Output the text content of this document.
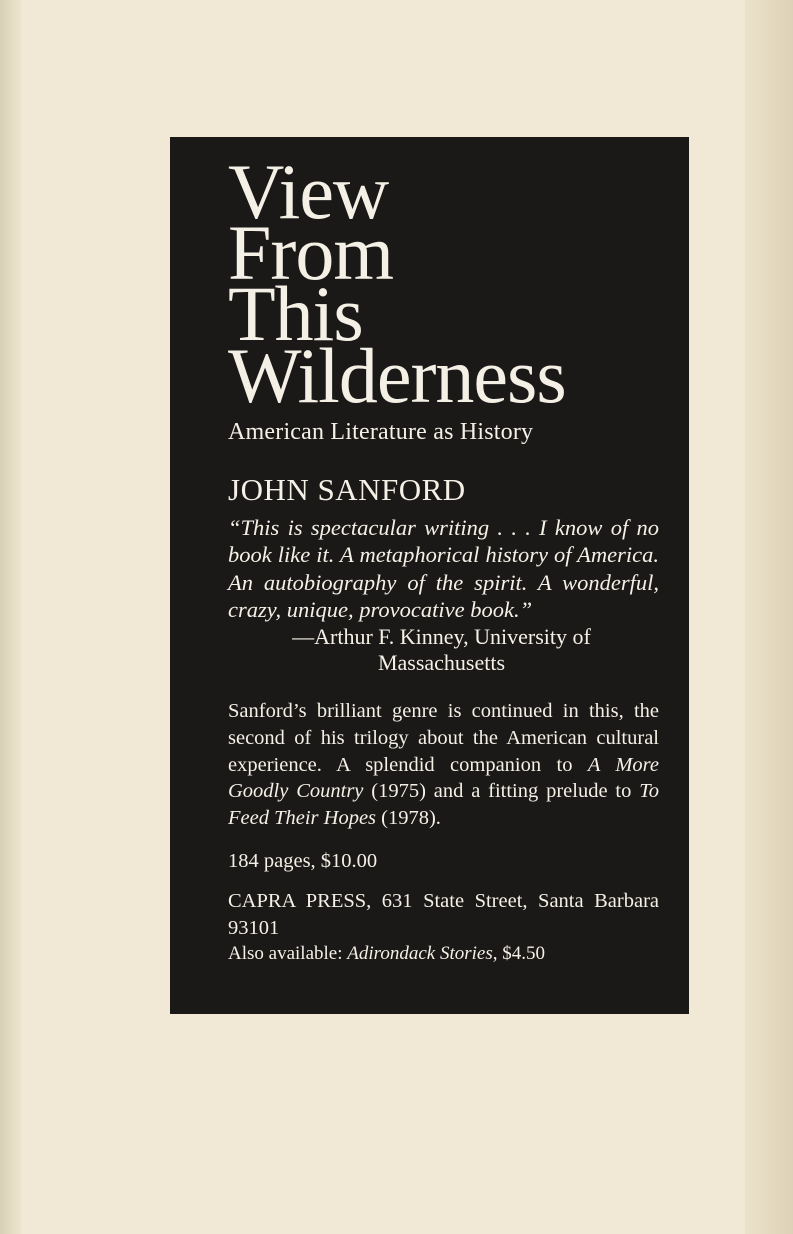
View
From
This
Wilderness

American Literature as History

JOHN SANFORD

“This is spectacular writing . . . I know of no book like it. A metaphorical history of America. An autobiography of the spirit. A wonderful, crazy, unique, provocative book.”

—Arthur F. Kinney, University of
Massachusetts

Sanford’s brilliant genre is continued in this, the second of his trilogy about the American cultural experience. A splendid companion to A More Goodly Country (1975) and a fitting prelude to To Feed Their Hopes (1978).

184 pages, $10.00

CAPRA PRESS, 631 State Street, Santa Barbara 93101

Also available: Adirondack Stories, $4.50
